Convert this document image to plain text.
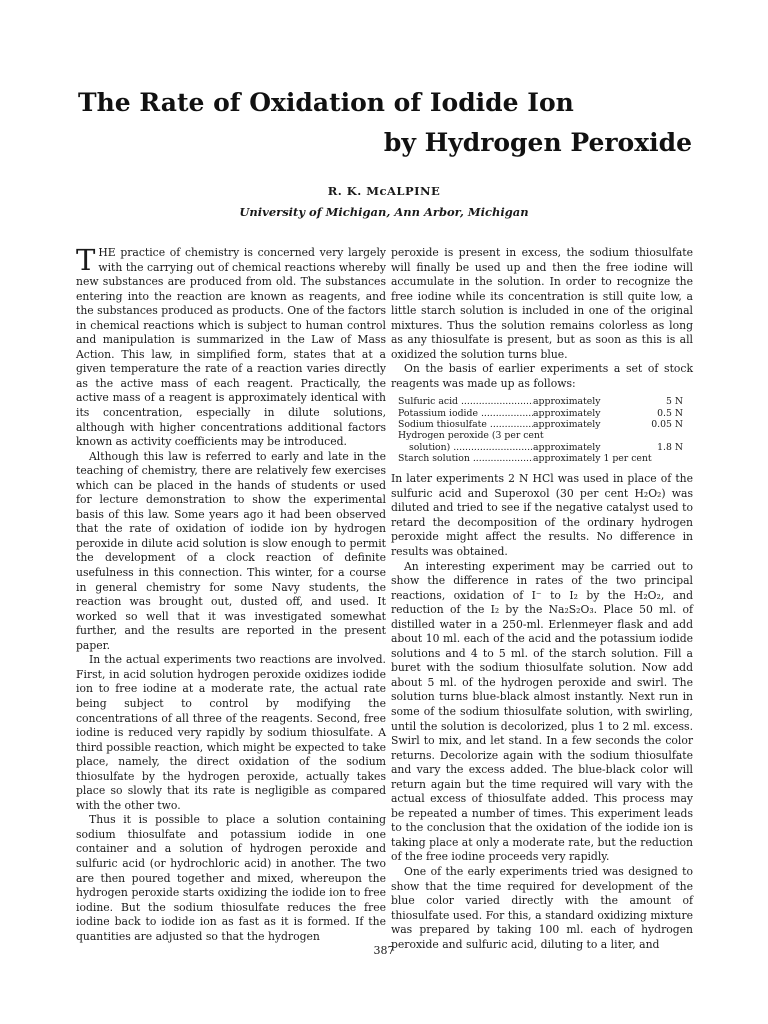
The Rate of Oxidation of Iodide Ion
by Hydrogen Peroxide
R. K. McALPINE
University of Michigan, Ann Arbor, Michigan

THE practice of chemistry is concerned very largely with the carrying out of chemical reactions whereby new substances are produced from old. The substances entering into the reaction are known as reagents, and the substances produced as products. One of the factors in chemical reactions which is subject to human control and manipulation is summarized in the Law of Mass Action. This law, in simplified form, states that at a given temperature the rate of a reaction varies directly as the active mass of each reagent. Practically, the active mass of a reagent is approximately identical with its concentration, especially in dilute solutions, although with higher concentrations additional factors known as activity coefficients may be introduced.

Although this law is referred to early and late in the teaching of chemistry, there are relatively few exercises which can be placed in the hands of students or used for lecture demonstration to show the experimental basis of this law. Some years ago it had been observed that the rate of oxidation of iodide ion by hydrogen peroxide in dilute acid solution is slow enough to permit the development of a clock reaction of definite usefulness in this connection. This winter, for a course in general chemistry for some Navy students, the reaction was brought out, dusted off, and used. It worked so well that it was investigated somewhat further, and the results are reported in the present paper.

In the actual experiments two reactions are involved. First, in acid solution hydrogen peroxide oxidizes iodide ion to free iodine at a moderate rate, the actual rate being subject to control by modifying the concentrations of all three of the reagents. Second, free iodine is reduced very rapidly by sodium thiosulfate. A third possible reaction, which might be expected to take place, namely, the direct oxidation of the sodium thiosulfate by the hydrogen peroxide, actually takes place so slowly that its rate is negligible as compared with the other two.

Thus it is possible to place a solution containing sodium thiosulfate and potassium iodide in one container and a solution of hydrogen peroxide and sulfuric acid (or hydrochloric acid) in another. The two are then poured together and mixed, whereupon the hydrogen peroxide starts oxidizing the iodide ion to free iodine. But the sodium thiosulfate reduces the free iodine back to iodide ion as fast as it is formed. If the quantities are adjusted so that the hydrogen

peroxide is present in excess, the sodium thiosulfate will finally be used up and then the free iodine will accumulate in the solution. In order to recognize the free iodine while its concentration is still quite low, a little starch solution is included in one of the original mixtures. Thus the solution remains colorless as long as any thiosulfate is present, but as soon as this is all oxidized the solution turns blue.

On the basis of earlier experiments a set of stock reagents was made up as follows:

Sulfuric acid .....	approximately	5 N
Potassium iodide .....	approximately	0.5 N
Sodium thiosulfate .....	approximately	0.05 N
Hydrogen peroxide (3 per cent
solution) .....	approximately	1.8 N
Starch solution .....	approximately 1 per cent

In later experiments 2 N HCl was used in place of the sulfuric acid and Superoxol (30 per cent H₂O₂) was diluted and tried to see if the negative catalyst used to retard the decomposition of the ordinary hydrogen peroxide might affect the results. No difference in results was obtained.

An interesting experiment may be carried out to show the difference in rates of the two principal reactions, oxidation of I⁻ to I₂ by the H₂O₂, and reduction of the I₂ by the Na₂S₂O₃. Place 50 ml. of distilled water in a 250-ml. Erlenmeyer flask and add about 10 ml. each of the acid and the potassium iodide solutions and 4 to 5 ml. of the starch solution. Fill a buret with the sodium thiosulfate solution. Now add about 5 ml. of the hydrogen peroxide and swirl. The solution turns blue-black almost instantly. Next run in some of the sodium thiosulfate solution, with swirling, until the solution is decolorized, plus 1 to 2 ml. excess. Swirl to mix, and let stand. In a few seconds the color returns. Decolorize again with the sodium thiosulfate and vary the excess added. The blue-black color will return again but the time required will vary with the actual excess of thiosulfate added. This process may be repeated a number of times. This experiment leads to the conclusion that the oxidation of the iodide ion is taking place at only a moderate rate, but the reduction of the free iodine proceeds very rapidly.

One of the early experiments tried was designed to show that the time required for development of the blue color varied directly with the amount of thiosulfate used. For this, a standard oxidizing mixture was prepared by taking 100 ml. each of hydrogen peroxide and sulfuric acid, diluting to a liter, and

387
